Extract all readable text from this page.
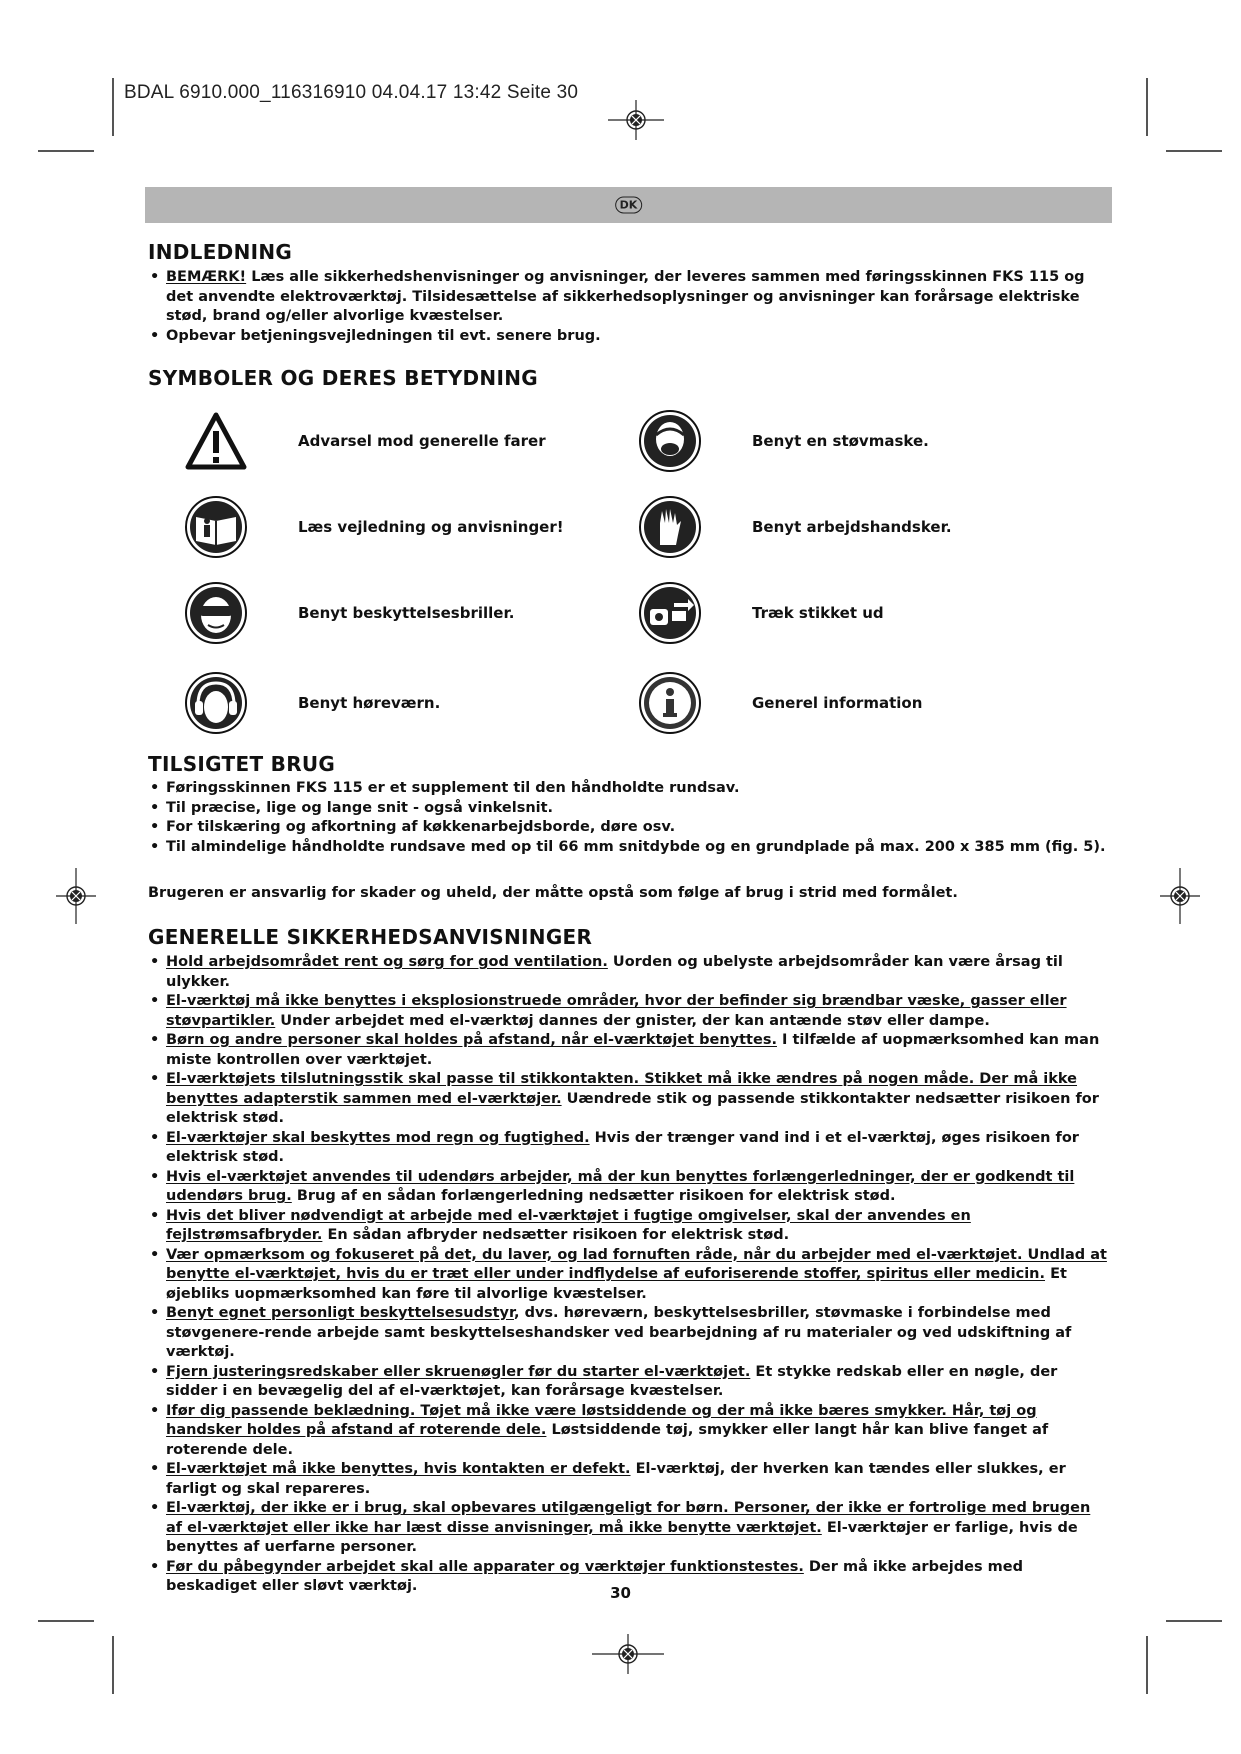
BDAL 6910.000_116316910 04.04.17 13:42 Seite 30
DK
INDLEDNING
• BEMÆRK! Læs alle sikkerhedshenvisninger og anvisninger, der leveres sammen med føringsskinnen FKS 115 og det anvendte elektroværktøj. Tilsidesættelse af sikkerhedsoplysninger og anvisninger kan forårsage elektriske stød, brand og/eller alvorlige kvæstelser.
• Opbevar betjeningsvejledningen til evt. senere brug.
SYMBOLER OG DERES BETYDNING
Advarsel mod generelle farer	Benyt en støvmaske.
Læs vejledning og anvisninger!	Benyt arbejdshandsker.
Benyt beskyttelsesbriller.	Træk stikket ud
Benyt høreværn.	Generel information
TILSIGTET BRUG
• Føringsskinnen FKS 115 er et supplement til den håndholdte rundsav.
• Til præcise, lige og lange snit - også vinkelsnit.
• For tilskæring og afkortning af køkkenarbejdsborde, døre osv.
• Til almindelige håndholdte rundsave med op til 66 mm snitdybde og en grundplade på max. 200 x 385 mm (fig. 5).
Brugeren er ansvarlig for skader og uheld, der måtte opstå som følge af brug i strid med formålet.
GENERELLE SIKKERHEDSANVISNINGER
• Hold arbejdsområdet rent og sørg for god ventilation. Uorden og ubelyste arbejdsområder kan være årsag til ulykker.
• El-værktøj må ikke benyttes i eksplosionstruede områder, hvor der befinder sig brændbar væske, gasser eller støvpartikler. Under arbejdet med el-værktøj dannes der gnister, der kan antænde støv eller dampe.
• Børn og andre personer skal holdes på afstand, når el-værktøjet benyttes. I tilfælde af uopmærksomhed kan man miste kontrollen over værktøjet.
• El-værktøjets tilslutningsstik skal passe til stikkontakten. Stikket må ikke ændres på nogen måde. Der må ikke benyttes adapterstik sammen med el-værktøjer. Uændrede stik og passende stikkontakter nedsætter risikoen for elektrisk stød.
• El-værktøjer skal beskyttes mod regn og fugtighed. Hvis der trænger vand ind i et el-værktøj, øges risikoen for elektrisk stød.
• Hvis el-værktøjet anvendes til udendørs arbejder, må der kun benyttes forlængerledninger, der er godkendt til udendørs brug. Brug af en sådan forlængerledning nedsætter risikoen for elektrisk stød.
• Hvis det bliver nødvendigt at arbejde med el-værktøjet i fugtige omgivelser, skal der anvendes en fejlstrømsafbryder. En sådan afbryder nedsætter risikoen for elektrisk stød.
• Vær opmærksom og fokuseret på det, du laver, og lad fornuften råde, når du arbejder med el-værktøjet. Undlad at benytte el-værktøjet, hvis du er træt eller under indflydelse af euforiserende stoffer, spiritus eller medicin. Et øjebliks uopmærksomhed kan føre til alvorlige kvæstelser.
• Benyt egnet personligt beskyttelsesudstyr, dvs. høreværn, beskyttelsesbriller, støvmaske i forbindelse med støvgenere-rende arbejde samt beskyttelseshandsker ved bearbejdning af ru materialer og ved udskiftning af værktøj.
• Fjern justeringsredskaber eller skruenøgler før du starter el-værktøjet. Et stykke redskab eller en nøgle, der sidder i en bevægelig del af el-værktøjet, kan forårsage kvæstelser.
• Ifør dig passende beklædning. Tøjet må ikke være løstsiddende og der må ikke bæres smykker. Hår, tøj og handsker holdes på afstand af roterende dele. Løstsiddende tøj, smykker eller langt hår kan blive fanget af roterende dele.
• El-værktøjet må ikke benyttes, hvis kontakten er defekt. El-værktøj, der hverken kan tændes eller slukkes, er farligt og skal repareres.
• El-værktøj, der ikke er i brug, skal opbevares utilgængeligt for børn. Personer, der ikke er fortrolige med brugen af el-værktøjet eller ikke har læst disse anvisninger, må ikke benytte værktøjet. El-værktøjer er farlige, hvis de benyttes af uerfarne personer.
• Før du påbegynder arbejdet skal alle apparater og værktøjer funktionstestes. Der må ikke arbejdes med beskadiget eller sløvt værktøj.	30
